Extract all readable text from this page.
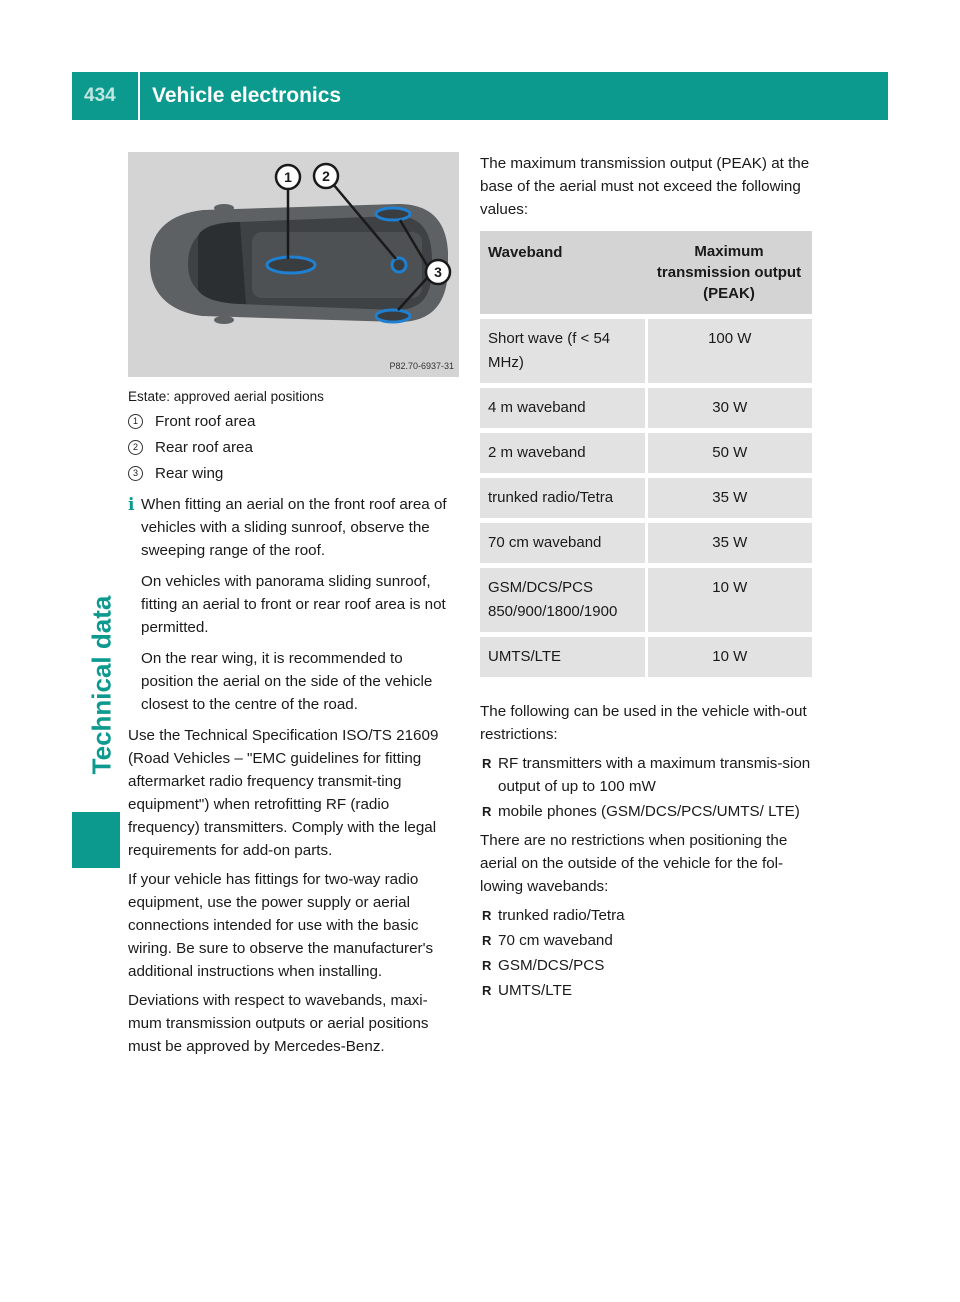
434	Vehicle electronics
Technical data
1 2
3
P82.70-6937-31
Estate: approved aerial positions
1	Front roof area
2	Rear roof area
3	Rear wing
i When fitting an aerial on the front roof area of vehicles with a sliding sunroof, observe the sweeping range of the roof.

On vehicles with panorama sliding sunroof, fitting an aerial to front or rear roof area is not permitted.

On the rear wing, it is recommended to position the aerial on the side of the vehicle closest to the centre of the road.

Use the Technical Specification ISO/TS 21609 (Road Vehicles – "EMC guidelines for fitting aftermarket radio frequency transmit-ting equipment") when retrofitting RF (radio frequency) transmitters. Comply with the legal requirements for add-on parts.

If your vehicle has fittings for two-way radio equipment, use the power supply or aerial connections intended for use with the basic wiring. Be sure to observe the manufacturer's additional instructions when installing.

Deviations with respect to wavebands, maxi-mum transmission outputs or aerial positions must be approved by Mercedes-Benz.

The maximum transmission output (PEAK) at the base of the aerial must not exceed the following values:

Waveband	Maximum transmission output (PEAK)
Short wave (f < 54 MHz)	100 W
4 m waveband	30 W
2 m waveband	50 W
trunked radio/Tetra	35 W
70 cm waveband	35 W
GSM/DCS/PCS 850/900/1800/1900	10 W
UMTS/LTE	10 W

The following can be used in the vehicle with-out restrictions:

R RF transmitters with a maximum transmis-sion output of up to 100 mW
R mobile phones (GSM/DCS/PCS/UMTS/ LTE)

There are no restrictions when positioning the aerial on the outside of the vehicle for the fol-lowing wavebands:

R trunked radio/Tetra
R 70 cm waveband
R GSM/DCS/PCS
R UMTS/LTE
